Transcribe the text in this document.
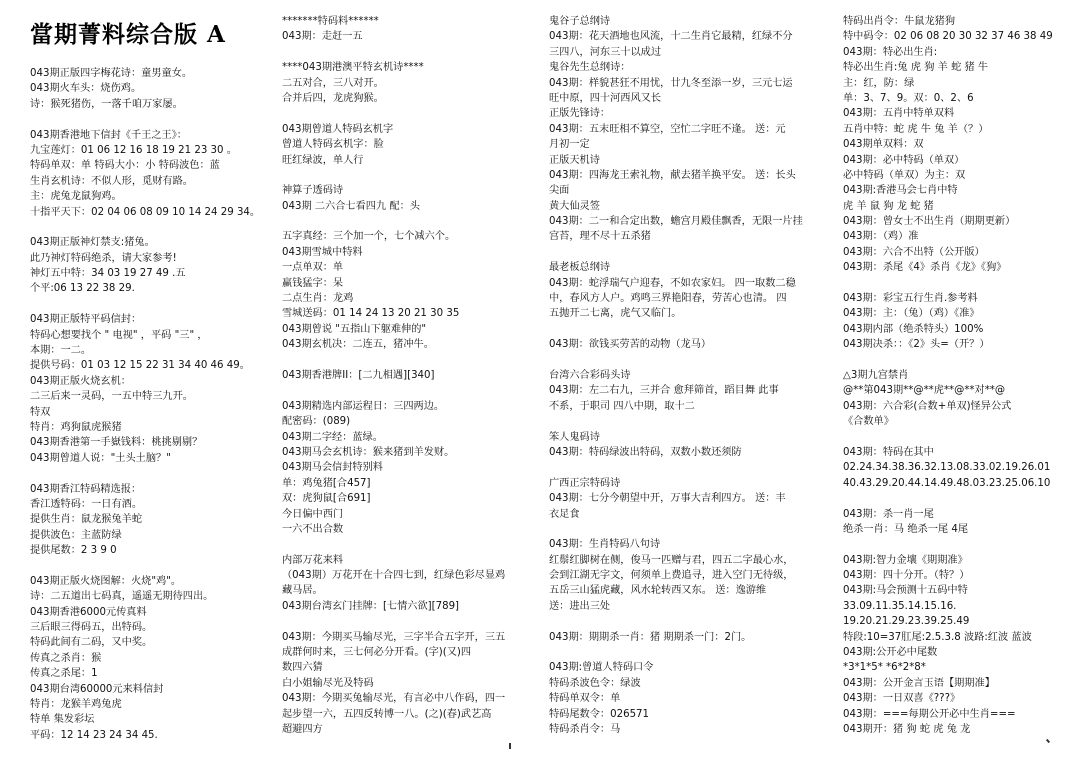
當期菁料综合版 A
043期正版四字梅花诗：童男童女。
043期火车头：烧伤鸡。
诗：猴死猪伤，一落千咱万家屡。
043期香港地下信封《千王之王》：
九宝莲灯：01 06 12 16 18 19 21 23 30 。
特码单双：单 特码大小：小 特码波色：蓝
生肖玄机诗：不似人形，觅财有路。
主：虎兔龙鼠狗鸡。
十指平天下：02 04 06 08 09 10 14 24 29 34。
043期正版神灯禁支:猪兔。
此乃神灯特码绝杀，请大家参考!
神灯五中特：34 03 19 27 49 .五
个平:06 13 22 38 29.
043期正版特平码信封：
特码心想要找个 " 电视" ，平码 "三" ，
本期：一二。
提供号码：01 03 12 15 22 31 34 40 46 49。
043期正版火烧玄机：
二三后来一灵码，一五中特三九开。
特双
特肖：鸡狗鼠虎猴猪
043期香港第一手嶽钱料：桃挑剔剔？
043期曾道人说："土头土脑？"
043期香江特码精选报：
香江透特码：一日有酒。
提供生肖：鼠龙猴兔羊蛇
提供波色：主蓝防绿
提供尾数：2 3 9 0
043期正版火烧图解：火烧"鸡"。
诗：二五道出七码真，遥遥无期待四出。
043期香港6000元传真料
三后眼三得码五，出特码。
特码此间有二码，又中奖。
传真之杀肖：猴
传真之杀尾：1
043期台湾60000元来料信封
特肖：龙猴羊鸡兔虎
特单 集发彩坛
平码：12 14 23 24 34 45.
*******特码料******
043期：走赶一五
****043期港澳平特玄机诗****
二五对合，三八对开。
合并后四，龙虎狗猴。
043期曾道人特码玄机字
曾道人特码玄机字：脸
旺红绿波，单人行
神算子透码诗
043期 二六合七看四九 配：头
五字真经：三个加一个，七个减六个。
043期雪城中特料
一点单双：单
赢钱猛字：呆
二点生肖：龙鸡
雪城送码：01 14 24 13 20 21 30 35
043期曾说 "五指山下躯难伸的"
043期玄机决：二连五，猪冲牛。
043期香港牌II：[二九相遇][340]
043期精选内部运程日：三四两边。
配密码：(089)
043期二字经：蓝绿。
043期马会玄机诗：猴来猪到羊发财。
043期马会信封特别料
单：鸡兔猪[合457]
双：虎狗鼠[合691]
今日偏中西门
一六不出合数
内部万花来料
（043期）万花开在十合四七到，红绿色彩尽显鸡
藏马居。
043期台湾玄门挂牌：[七情六欲][789]
043期：今期买马输尽光，三字半合五字开，三五
成群何时来，三七何必分开看。(字)(又)四
数四六猜
白小姐输尽光及特码
043期：今期买兔输尽光，有言必中八作码，四一
起步望一六，五四反转博一八。(之)(春)武艺高
超避四方
鬼谷子总纲诗
043期：花天酒地也风流，十二生肖它最精，红绿不分
三四八，河东三十以成过
鬼谷先生总纲诗：
043期：样貌甚狂不用忧，廿九冬至添一岁，三元七运
旺中原，四十河西风又长
正版先锋诗：
043期：五末旺相不算空，空忙二字旺不逢。 送：元
月初一定
正版天机诗
043期：四海龙王索礼物，献去猪羊换平安。 送：长头
尖面
黄大仙灵签
043期：二一和合定出数，蟾宫月殿佳飘香，无限一片挂
宫苔，理不尽十五杀猪
最老板总纲诗
043期：蛇浮瑞气户迎春，不如农家妇。 四一取数二稳
中，春风方人户。鸡鸣三界艳阳春，劳苦心也清。 四
五抛开二七离，虎气又临门。
043期：欲钱买劳苦的动物（龙马）
台湾六合彩码头诗
043期：左二右九，三并合 愈拜筛首，蹈目舞 此事
不系，于职司 四八中期，取十二
笨人鬼码诗
043期：特码绿波出特码，双数小数还须防
广西正宗特码诗
043期：七分今朝望中开，万事大吉利四方。 送：丰
衣足食
043期：生肖特码八句诗
红鬃红脚树在侧，俊马一匹赠与君，四五二字最心水，
会到江湖无字文，何须单上费追寻，进入空门无待级，
五岳三山猛虎藏，风水轮转西又东。 送：逸游维
送：进出三处
043期：期期杀一肖：猪 期期杀一门：2门。
043期:曾道人特码口令
特码杀波色令：绿波
特码单双令：单
特码尾数令：026571
特码杀肖令：马
特码出肖令：牛鼠龙猪狗
特中码令：02 06 08 20 30 32 37 46 38 49
043期：特必出生肖:
特必出生肖:兔 虎 狗 羊 蛇 猪 牛
主：红，防：绿
单：3、7、9。双：0、2、6
043期：五肖中特单双料
五肖中特：蛇 虎 牛 兔 羊（？）
043期单双料：双
043期：必中特码（单双）
必中特码（单双）为主：双
043期:香港马会七肖中特
虎 羊 鼠 狗 龙 蛇 猪
043期：曾女士不出生肖（期期更新）
043期：（鸡）准
043期：六合不出特（公开版）
043期：杀尾《4》杀肖《龙》《狗》
043期：彩宝五行生肖.参考料
043期：主：（兔）（鸡）《准》
043期内部（绝杀特头）100%
043期决杀：：《2》头=（开？）
△3期九宫禁肖
@**第043期**@**虎**@**对**@
043期：六合彩(合数+单双)怪异公式
《合数单》
043期：特码在其中
02.24.34.38.36.32.13.08.33.02.19.26.01
40.43.29.20.44.14.49.48.03.23.25.06.10
043期：杀一肖一尾
绝杀一肖：马 绝杀一尾 4尾
043期:智力金壤《期期准》
043期：四十分开。（特？）
043期:马会预测十五码中特
33.09.11.35.14.15.16.
19.20.21.29.23.39.25.49
特段:10=37肛尾:2.5.3.8 波路:红波 蓝波
043期:公开必中尾数
*3*1*5* *6*2*8*
043期：公开金言玉语【期期准】
043期：一日双喜《???》
043期：===每期公开必中生肖===
043期开：猪 狗 蛇 虎 兔 龙
